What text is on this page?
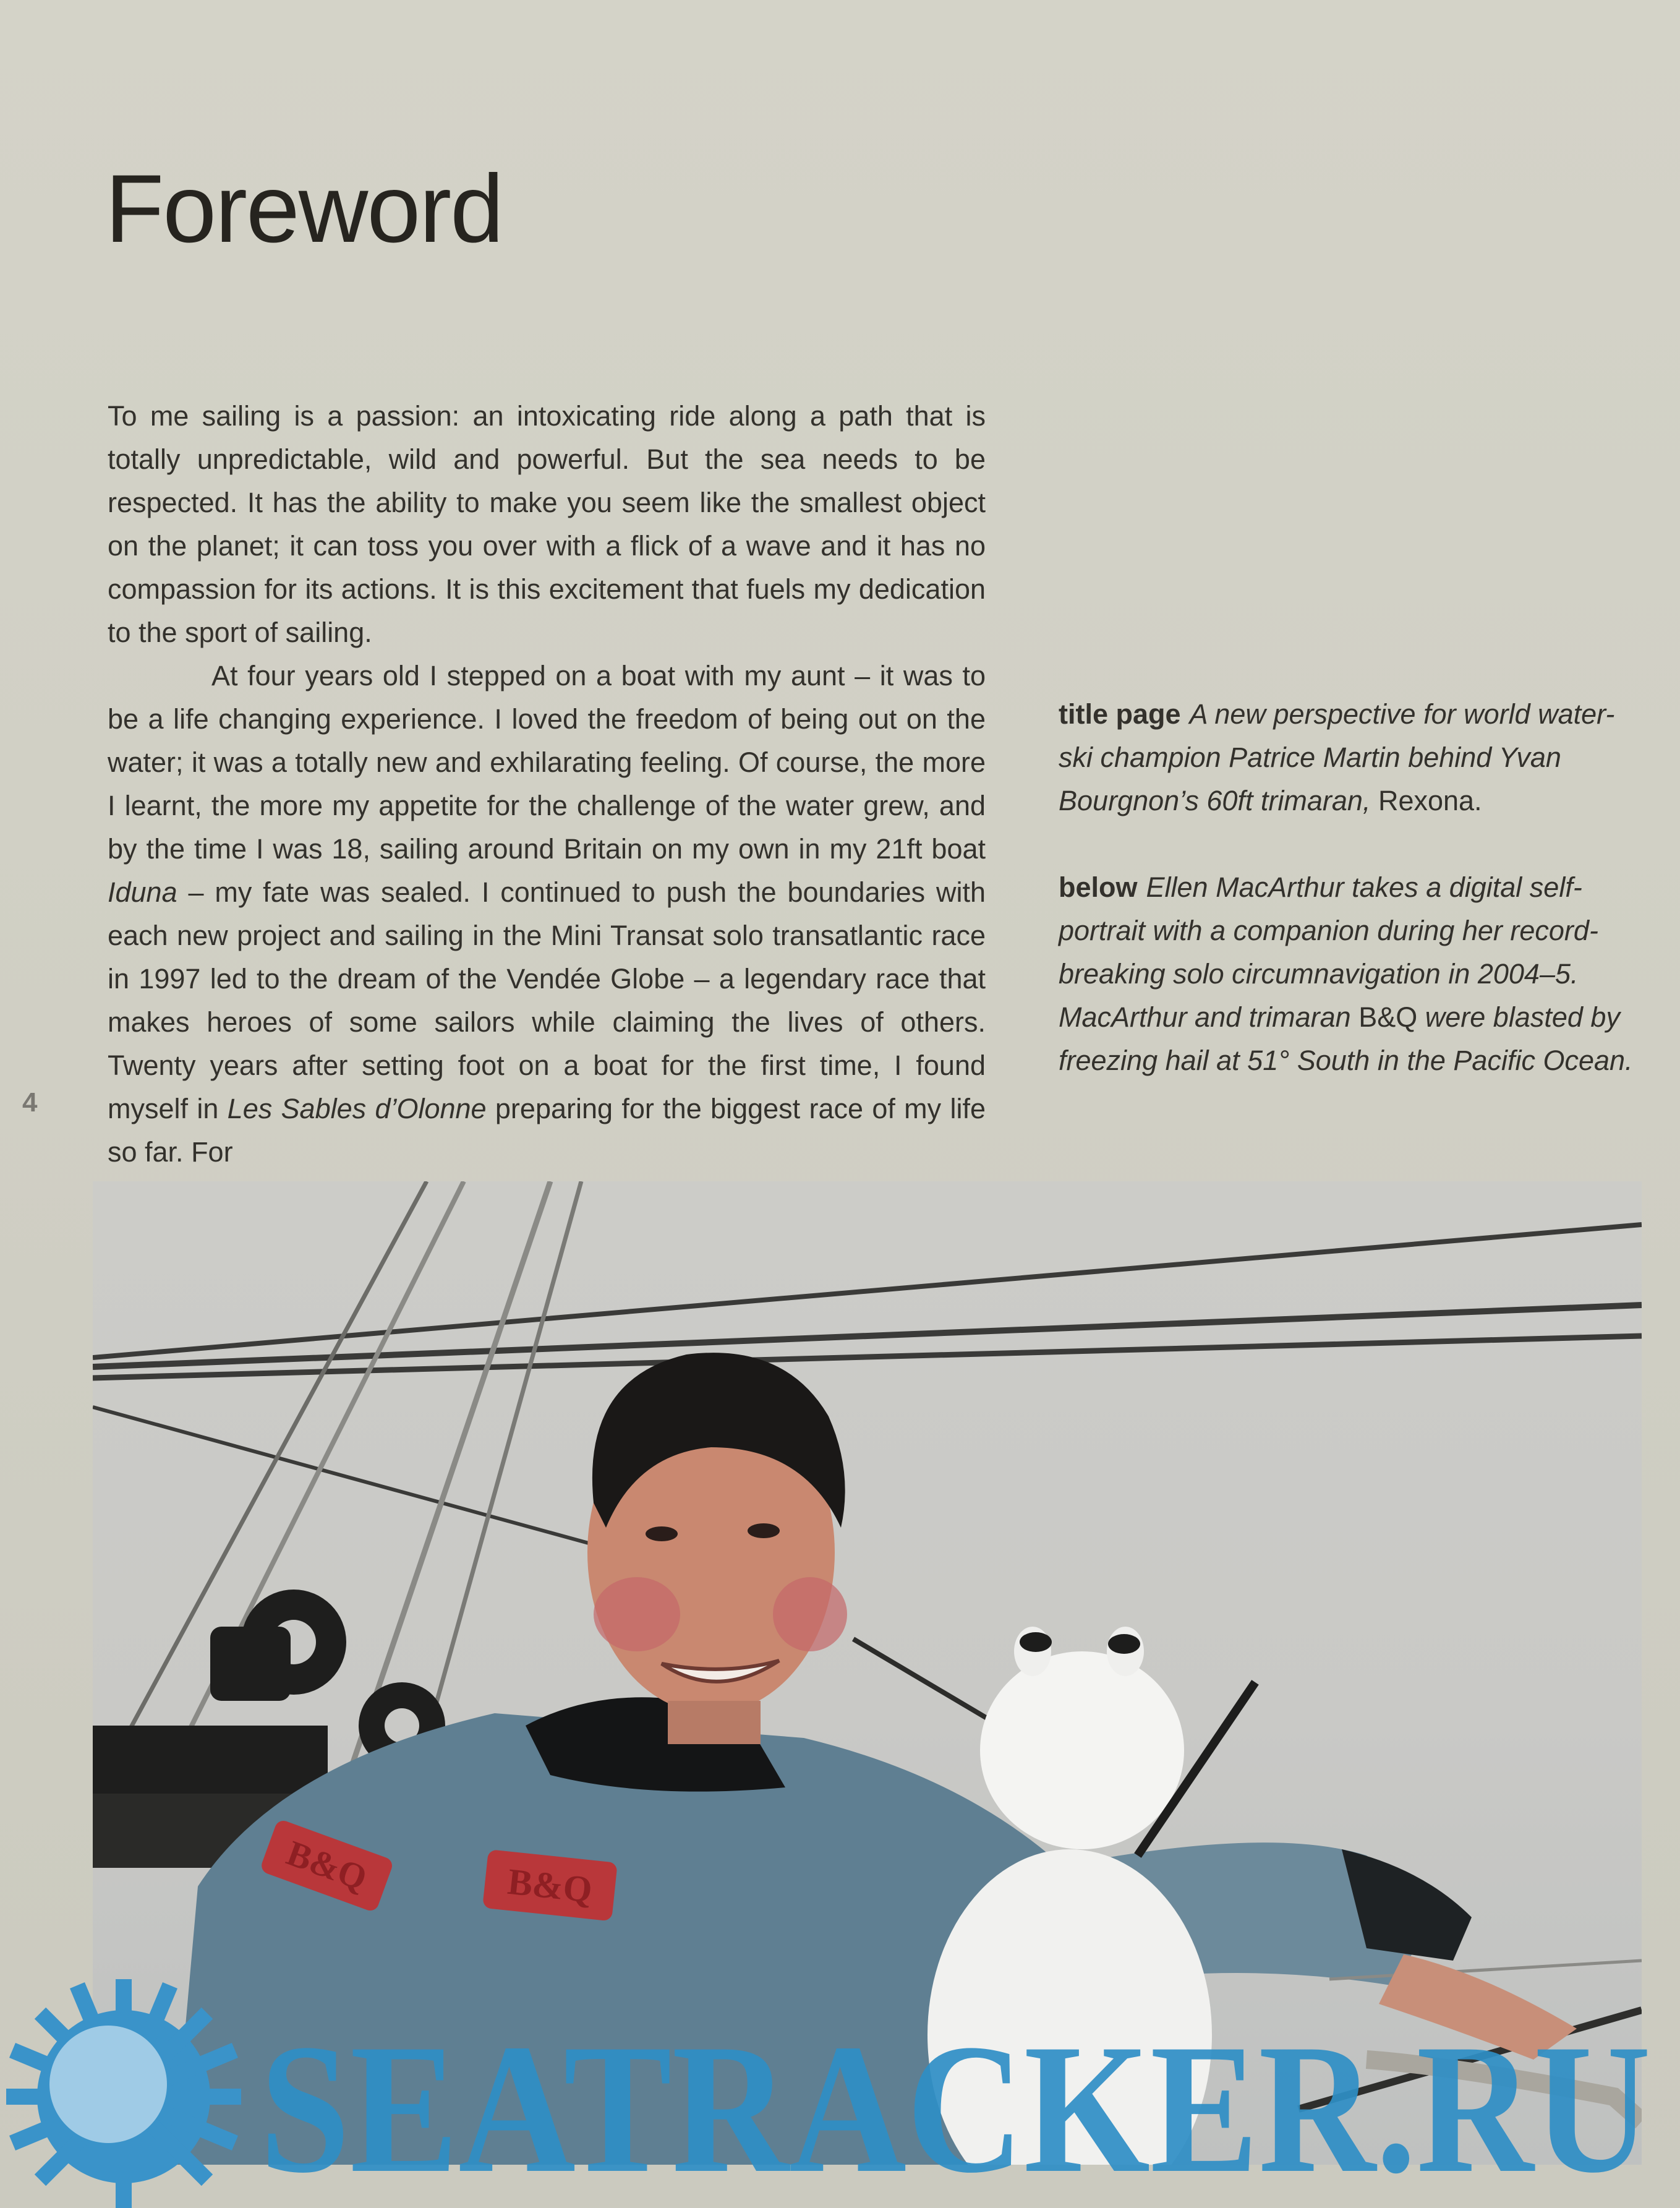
Foreword

To me sailing is a passion: an intoxicating ride along a path that is totally unpredictable, wild and powerful. But the sea needs to be respected. It has the ability to make you seem like the smallest object on the planet; it can toss you over with a flick of a wave and it has no compassion for its actions. It is this excitement that fuels my dedication to the sport of sailing.

At four years old I stepped on a boat with my aunt – it was to be a life changing experience. I loved the freedom of being out on the water; it was a totally new and exhilarating feeling. Of course, the more I learnt, the more my appetite for the challenge of the water grew, and by the time I was 18, sailing around Britain on my own in my 21ft boat Iduna – my fate was sealed. I continued to push the boundaries with each new project and sailing in the Mini Transat solo transatlantic race in 1997 led to the dream of the Vendée Globe – a legendary race that makes heroes of some sailors while claiming the lives of others. Twenty years after setting foot on a boat for the first time, I found myself in Les Sables d’Olonne preparing for the biggest race of my life so far. For

4

title page A new perspective for world water-ski champion Patrice Martin behind Yvan Bourgnon’s 60ft trimaran, Rexona.

below Ellen MacArthur takes a digital self-portrait with a companion during her record-breaking solo circumnavigation in 2004–5. MacArthur and trimaran B&Q were blasted by freezing hail at 51° South in the Pacific Ocean.

B&Q	B&Q
SEATRACKER.RU
